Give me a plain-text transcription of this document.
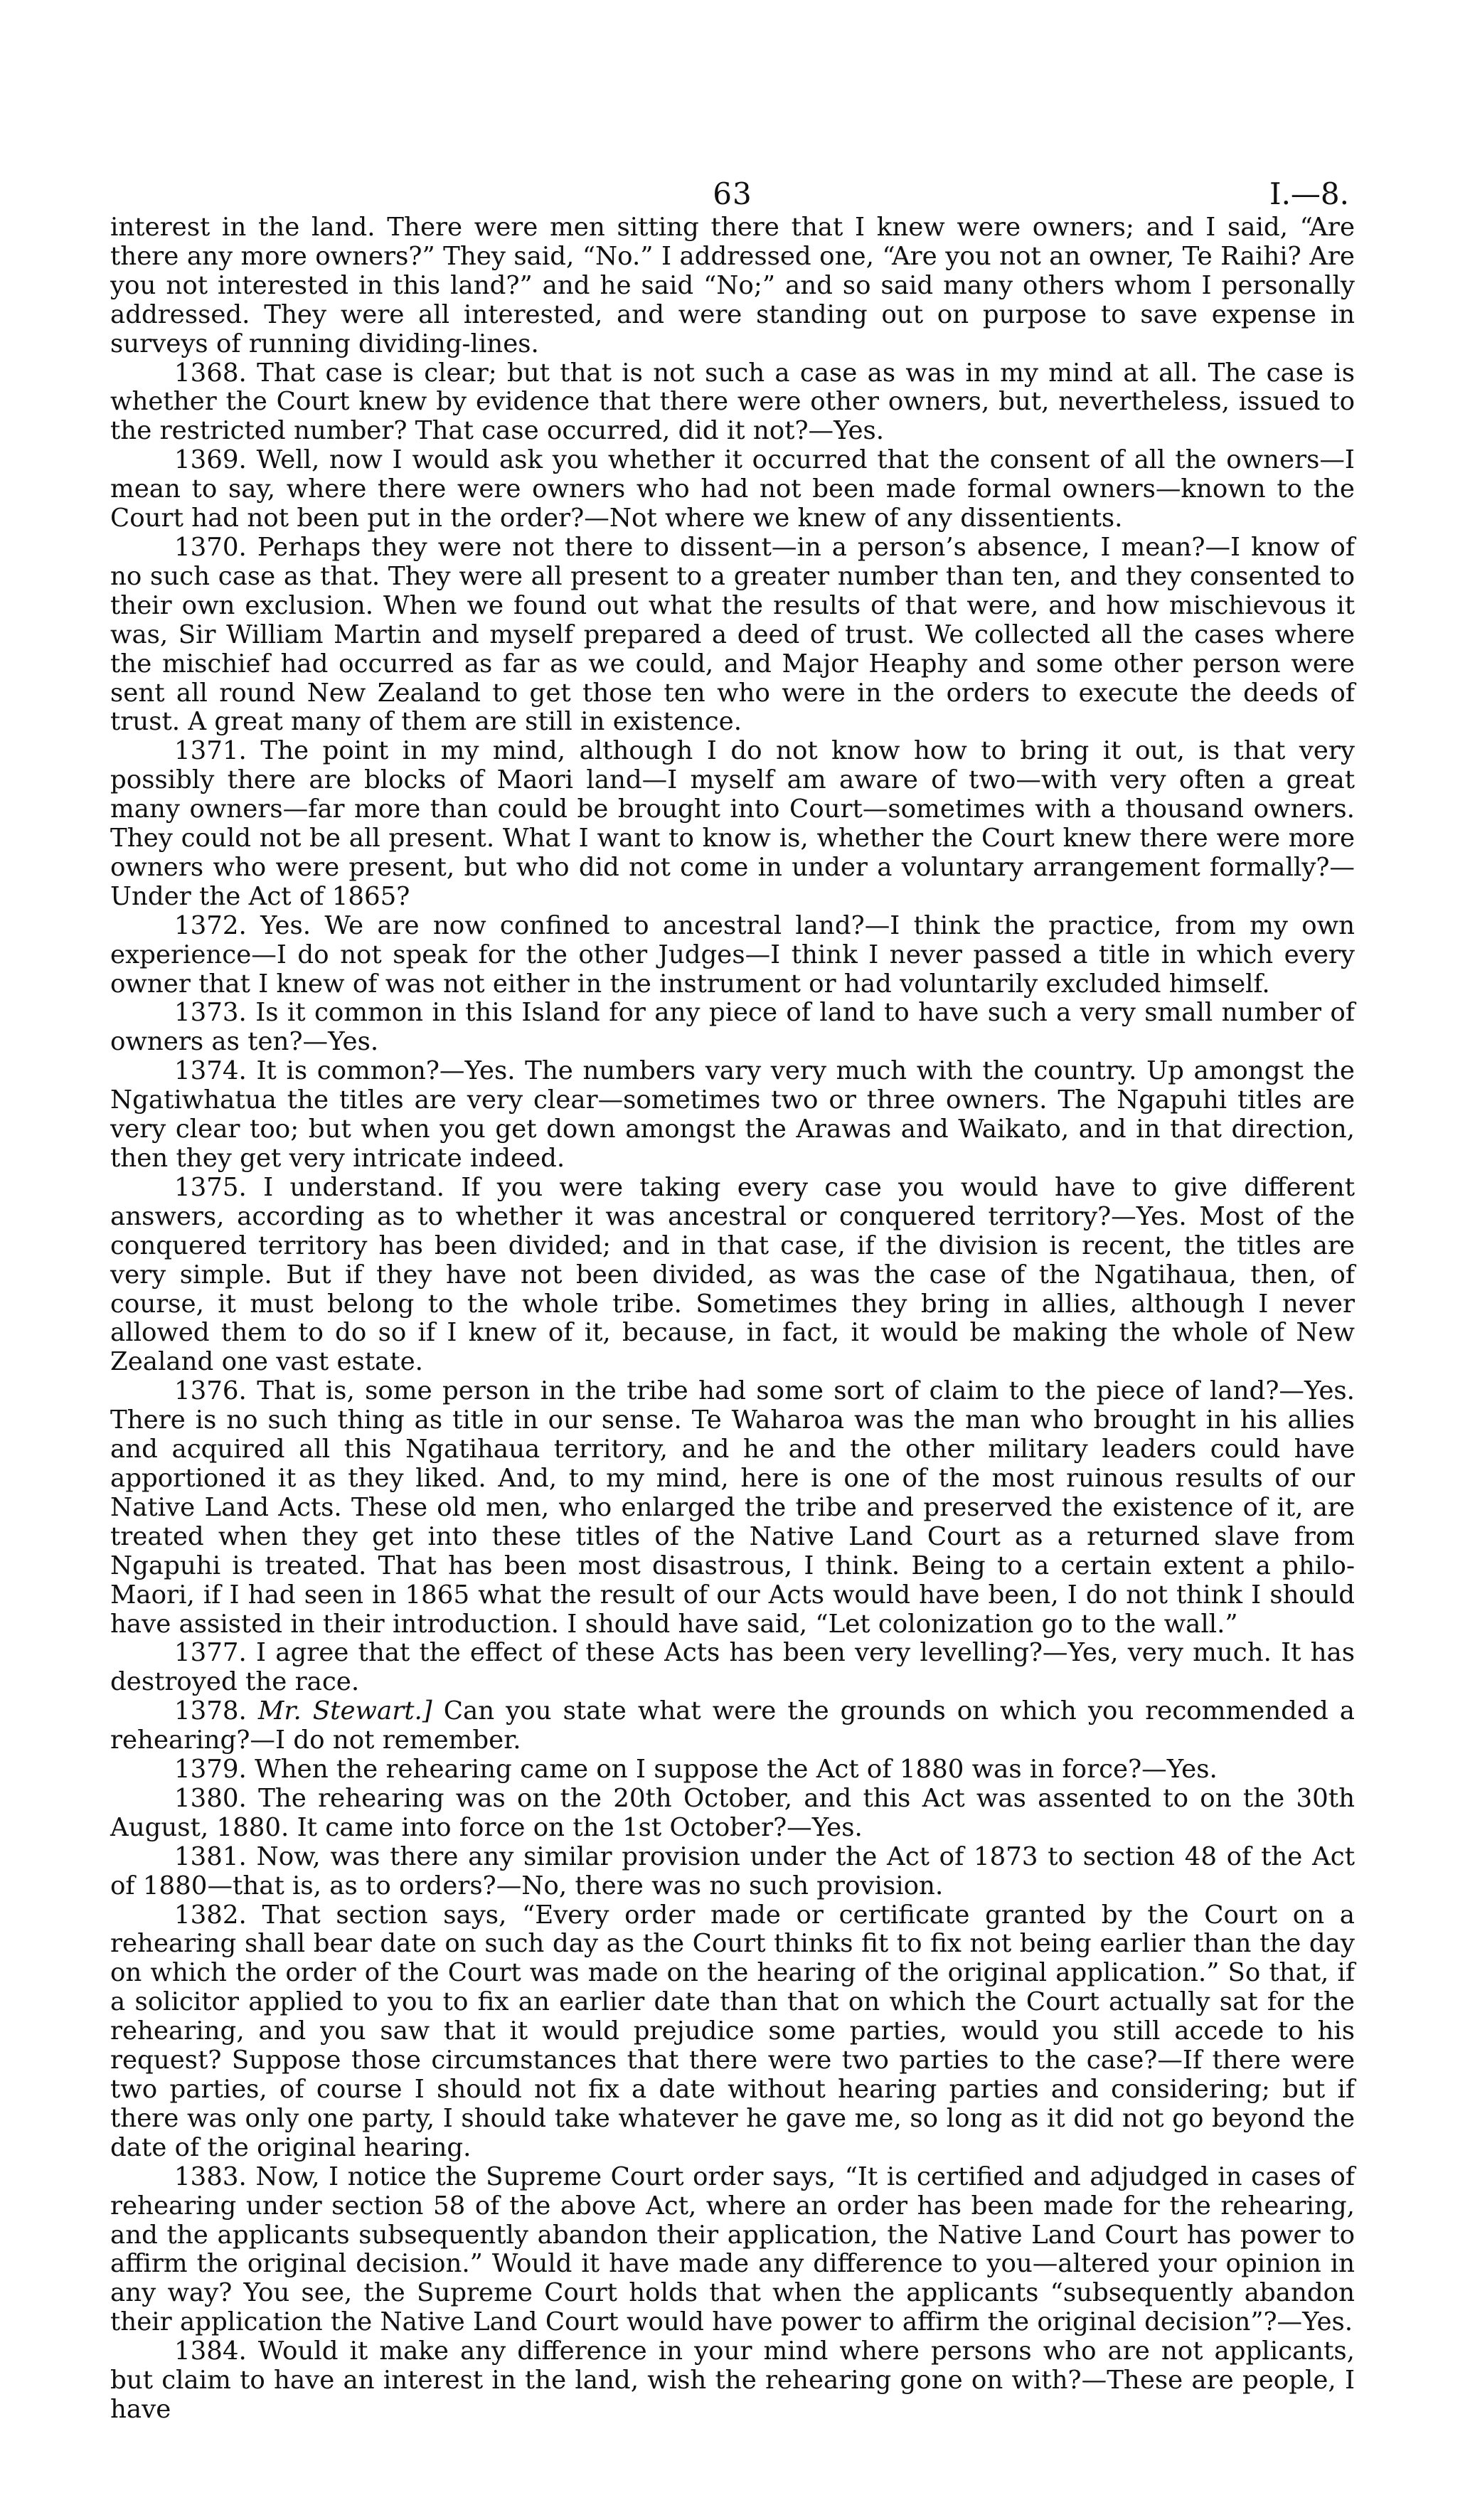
63	I.—8.

interest in the land. There were men sitting there that I knew were owners; and I said, “Are there any more owners?” They said, “No.” I addressed one, “Are you not an owner, Te Raihi? Are you not interested in this land?” and he said “No;” and so said many others whom I personally addressed. They were all interested, and were standing out on purpose to save expense in surveys of running dividing-lines.

1368. That case is clear; but that is not such a case as was in my mind at all. The case is whether the Court knew by evidence that there were other owners, but, nevertheless, issued to the restricted number? That case occurred, did it not?—Yes.

1369. Well, now I would ask you whether it occurred that the consent of all the owners—I mean to say, where there were owners who had not been made formal owners—known to the Court had not been put in the order?—Not where we knew of any dissentients.

1370. Perhaps they were not there to dissent—in a person’s absence, I mean?—I know of no such case as that. They were all present to a greater number than ten, and they consented to their own exclusion. When we found out what the results of that were, and how mischievous it was, Sir William Martin and myself prepared a deed of trust. We collected all the cases where the mischief had occurred as far as we could, and Major Heaphy and some other person were sent all round New Zealand to get those ten who were in the orders to execute the deeds of trust. A great many of them are still in existence.

1371. The point in my mind, although I do not know how to bring it out, is that very possibly there are blocks of Maori land—I myself am aware of two—with very often a great many owners—far more than could be brought into Court—sometimes with a thousand owners. They could not be all present. What I want to know is, whether the Court knew there were more owners who were present, but who did not come in under a voluntary arrangement formally?—Under the Act of 1865?

1372. Yes. We are now confined to ancestral land?—I think the practice, from my own experience—I do not speak for the other Judges—I think I never passed a title in which every owner that I knew of was not either in the instrument or had voluntarily excluded himself.

1373. Is it common in this Island for any piece of land to have such a very small number of owners as ten?—Yes.

1374. It is common?—Yes. The numbers vary very much with the country. Up amongst the Ngatiwhatua the titles are very clear—sometimes two or three owners. The Ngapuhi titles are very clear too; but when you get down amongst the Arawas and Waikato, and in that direction, then they get very intricate indeed.

1375. I understand. If you were taking every case you would have to give different answers, according as to whether it was ancestral or conquered territory?—Yes. Most of the conquered territory has been divided; and in that case, if the division is recent, the titles are very simple. But if they have not been divided, as was the case of the Ngatihaua, then, of course, it must belong to the whole tribe. Sometimes they bring in allies, although I never allowed them to do so if I knew of it, because, in fact, it would be making the whole of New Zealand one vast estate.

1376. That is, some person in the tribe had some sort of claim to the piece of land?—Yes. There is no such thing as title in our sense. Te Waharoa was the man who brought in his allies and acquired all this Ngatihaua territory, and he and the other military leaders could have apportioned it as they liked. And, to my mind, here is one of the most ruinous results of our Native Land Acts. These old men, who enlarged the tribe and preserved the existence of it, are treated when they get into these titles of the Native Land Court as a returned slave from Ngapuhi is treated. That has been most disastrous, I think. Being to a certain extent a philo-Maori, if I had seen in 1865 what the result of our Acts would have been, I do not think I should have assisted in their introduction. I should have said, “Let colonization go to the wall.”

1377. I agree that the effect of these Acts has been very levelling?—Yes, very much. It has destroyed the race.

1378. Mr. Stewart.] Can you state what were the grounds on which you recommended a rehearing?—I do not remember.

1379. When the rehearing came on I suppose the Act of 1880 was in force?—Yes.

1380. The rehearing was on the 20th October, and this Act was assented to on the 30th August, 1880. It came into force on the 1st October?—Yes.

1381. Now, was there any similar provision under the Act of 1873 to section 48 of the Act of 1880—that is, as to orders?—No, there was no such provision.

1382. That section says, “Every order made or certificate granted by the Court on a rehearing shall bear date on such day as the Court thinks fit to fix not being earlier than the day on which the order of the Court was made on the hearing of the original application.” So that, if a solicitor applied to you to fix an earlier date than that on which the Court actually sat for the rehearing, and you saw that it would prejudice some parties, would you still accede to his request? Suppose those circumstances that there were two parties to the case?—If there were two parties, of course I should not fix a date without hearing parties and considering; but if there was only one party, I should take whatever he gave me, so long as it did not go beyond the date of the original hearing.

1383. Now, I notice the Supreme Court order says, “It is certified and adjudged in cases of rehearing under section 58 of the above Act, where an order has been made for the rehearing, and the applicants subsequently abandon their application, the Native Land Court has power to affirm the original decision.” Would it have made any difference to you—altered your opinion in any way? You see, the Supreme Court holds that when the applicants “subsequently abandon their application the Native Land Court would have power to affirm the original decision”?—Yes.

1384. Would it make any difference in your mind where persons who are not applicants, but claim to have an interest in the land, wish the rehearing gone on with?—These are people, I have
